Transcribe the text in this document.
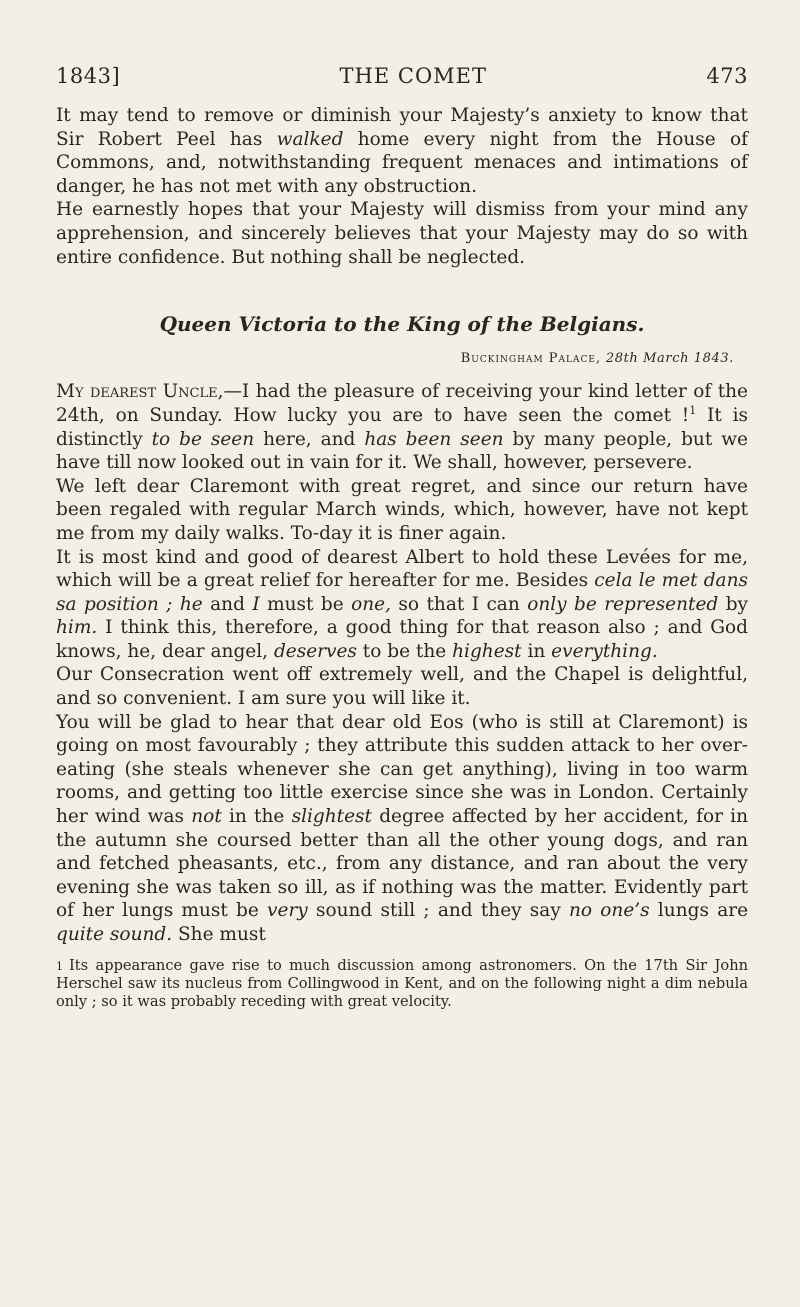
1843]	THE COMET	473

It may tend to remove or diminish your Majesty’s anxiety to know that Sir Robert Peel has walked home every night from the House of Commons, and, notwithstanding frequent menaces and intimations of danger, he has not met with any obstruction.

He earnestly hopes that your Majesty will dismiss from your mind any apprehension, and sincerely believes that your Majesty may do so with entire confidence. But nothing shall be neglected.

Queen Victoria to the King of the Belgians.
Buckingham Palace, 28th March 1843.

My dearest Uncle,—I had the pleasure of receiving your kind letter of the 24th, on Sunday. How lucky you are to have seen the comet !$^1$ It is distinctly to be seen here, and has been seen by many people, but we have till now looked out in vain for it. We shall, however, persevere.

We left dear Claremont with great regret, and since our return have been regaled with regular March winds, which, however, have not kept me from my daily walks. To-day it is finer again.

It is most kind and good of dearest Albert to hold these Levées for me, which will be a great relief for hereafter for me. Besides cela le met dans sa position ; he and I must be one, so that I can only be represented by him. I think this, therefore, a good thing for that reason also ; and God knows, he, dear angel, deserves to be the highest in everything.

Our Consecration went off extremely well, and the Chapel is delightful, and so convenient. I am sure you will like it.

You will be glad to hear that dear old Eos (who is still at Claremont) is going on most favourably ; they attribute this sudden attack to her over-eating (she steals whenever she can get anything), living in too warm rooms, and getting too little exercise since she was in London. Certainly her wind was not in the slightest degree affected by her accident, for in the autumn she coursed better than all the other young dogs, and ran and fetched pheasants, etc., from any distance, and ran about the very evening she was taken so ill, as if nothing was the matter. Evidently part of her lungs must be very sound still ; and they say no one’s lungs are quite sound. She must

1 Its appearance gave rise to much discussion among astronomers. On the 17th Sir John Herschel saw its nucleus from Collingwood in Kent, and on the following night a dim nebula only ; so it was probably receding with great velocity.
